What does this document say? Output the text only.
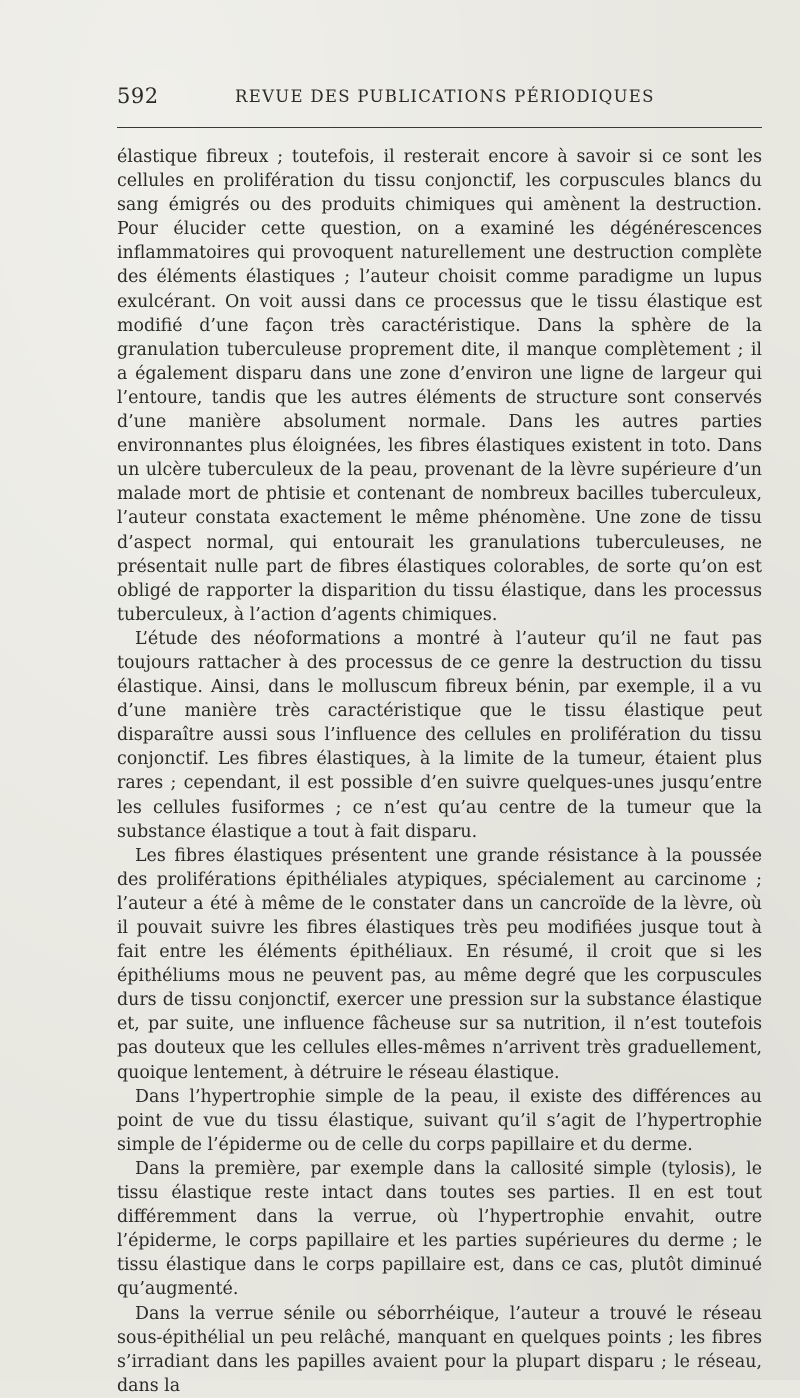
592	REVUE DES PUBLICATIONS PÉRIODIQUES

élastique fibreux ; toutefois, il resterait encore à savoir si ce sont les cellules en prolifération du tissu conjonctif, les corpuscules blancs du sang émigrés ou des produits chimiques qui amènent la destruction. Pour élucider cette question, on a examiné les dégénérescences inflammatoires qui provoquent naturellement une destruction complète des éléments élastiques ; l’auteur choisit comme paradigme un lupus exulcérant. On voit aussi dans ce processus que le tissu élastique est modifié d’une façon très caractéristique. Dans la sphère de la granulation tuberculeuse proprement dite, il manque complètement ; il a également disparu dans une zone d’environ une ligne de largeur qui l’entoure, tandis que les autres éléments de structure sont conservés d’une manière absolument normale. Dans les autres parties environnantes plus éloignées, les fibres élastiques existent in toto. Dans un ulcère tuberculeux de la peau, provenant de la lèvre supérieure d’un malade mort de phtisie et contenant de nombreux bacilles tuberculeux, l’auteur constata exactement le même phénomène. Une zone de tissu d’aspect normal, qui entourait les granulations tuberculeuses, ne présentait nulle part de fibres élastiques colorables, de sorte qu’on est obligé de rapporter la disparition du tissu élastique, dans les processus tuberculeux, à l’action d’agents chimiques.

L’étude des néoformations a montré à l’auteur qu’il ne faut pas toujours rattacher à des processus de ce genre la destruction du tissu élastique. Ainsi, dans le molluscum fibreux bénin, par exemple, il a vu d’une manière très caractéristique que le tissu élastique peut disparaître aussi sous l’influence des cellules en prolifération du tissu conjonctif. Les fibres élastiques, à la limite de la tumeur, étaient plus rares ; cependant, il est possible d’en suivre quelques-unes jusqu’entre les cellules fusiformes ; ce n’est qu’au centre de la tumeur que la substance élastique a tout à fait disparu.

Les fibres élastiques présentent une grande résistance à la poussée des proliférations épithéliales atypiques, spécialement au carcinome ; l’auteur a été à même de le constater dans un cancroïde de la lèvre, où il pouvait suivre les fibres élastiques très peu modifiées jusque tout à fait entre les éléments épithéliaux. En résumé, il croit que si les épithéliums mous ne peuvent pas, au même degré que les corpuscules durs de tissu conjonctif, exercer une pression sur la substance élastique et, par suite, une influence fâcheuse sur sa nutrition, il n’est toutefois pas douteux que les cellules elles-mêmes n’arrivent très graduellement, quoique lentement, à détruire le réseau élastique.

Dans l’hypertrophie simple de la peau, il existe des différences au point de vue du tissu élastique, suivant qu’il s’agit de l’hypertrophie simple de l’épiderme ou de celle du corps papillaire et du derme.

Dans la première, par exemple dans la callosité simple (tylosis), le tissu élastique reste intact dans toutes ses parties. Il en est tout différemment dans la verrue, où l’hypertrophie envahit, outre l’épiderme, le corps papillaire et les parties supérieures du derme ; le tissu élastique dans le corps papillaire est, dans ce cas, plutôt diminué qu’augmenté.

Dans la verrue sénile ou séborrhéique, l’auteur a trouvé le réseau sous-épithélial un peu relâché, manquant en quelques points ; les fibres s’irradiant dans les papilles avaient pour la plupart disparu ; le réseau, dans la
